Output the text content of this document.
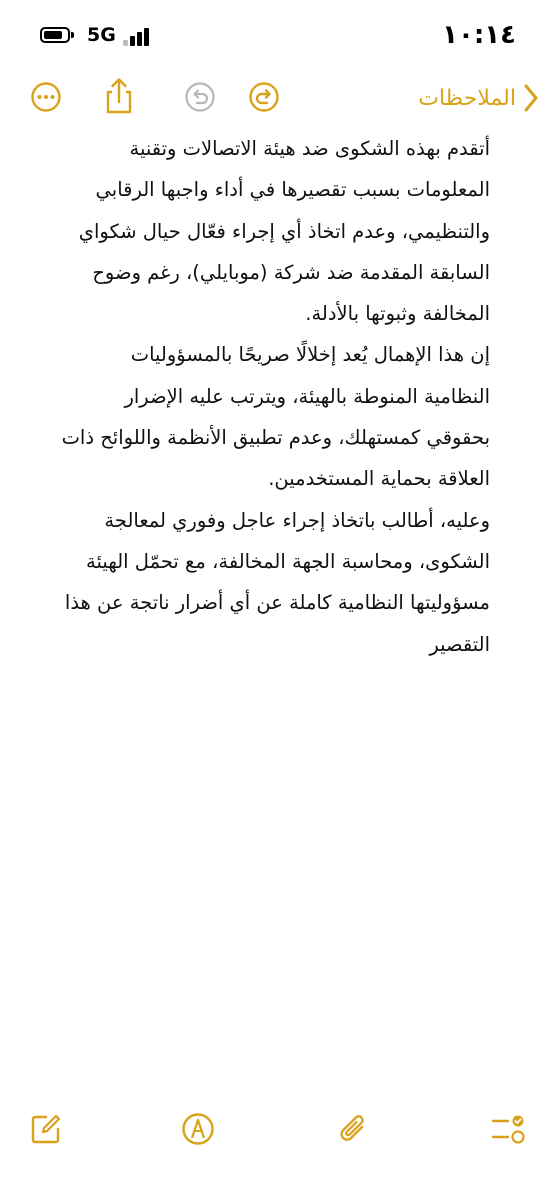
5G	١٠:١٤
الملاحظات

أتقدم بهذه الشكوى ضد هيئة الاتصالات وتقنية المعلومات بسبب تقصيرها في أداء واجبها الرقابي والتنظيمي، وعدم اتخاذ أي إجراء فعّال حيال شكواي السابقة المقدمة ضد شركة (موبايلي)، رغم وضوح المخالفة وثبوتها بالأدلة.

إن هذا الإهمال يُعد إخلالًا صريحًا بالمسؤوليات النظامية المنوطة بالهيئة، ويترتب عليه الإضرار بحقوقي كمستهلك، وعدم تطبيق الأنظمة واللوائح ذات العلاقة بحماية المستخدمين.

وعليه، أطالب باتخاذ إجراء عاجل وفوري لمعالجة الشكوى، ومحاسبة الجهة المخالفة، مع تحمّل الهيئة مسؤوليتها النظامية كاملة عن أي أضرار ناتجة عن هذا التقصير
